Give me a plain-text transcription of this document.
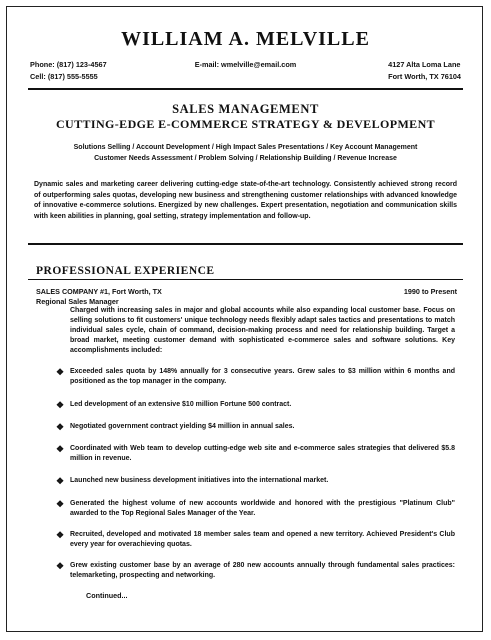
WILLIAM A. MELVILLE
Phone: (817) 123-4567
Cell: (817) 555-5555
E-mail: wmelville@email.com	4127 Alta Loma Lane
Fort Worth, TX 76104
SALES MANAGEMENT
CUTTING-EDGE E-COMMERCE STRATEGY & DEVELOPMENT
Solutions Selling / Account Development / High Impact Sales Presentations / Key Account Management
Customer Needs Assessment / Problem Solving / Relationship Building / Revenue Increase
Dynamic sales and marketing career delivering cutting-edge state-of-the-art technology. Consistently achieved strong record of outperforming sales quotas, developing new business and strengthening customer relationships with advanced knowledge of innovative e-commerce solutions. Energized by new challenges. Expert presentation, negotiation and communication skills with keen abilities in planning, goal setting, strategy implementation and follow-up.
PROFESSIONAL EXPERIENCE
SALES COMPANY #1, Fort Worth, TX	1990 to Present
Regional Sales Manager
Charged with increasing sales in major and global accounts while also expanding local customer base. Focus on selling solutions to fit customers' unique technology needs flexibly adapt sales tactics and presentations to match individual sales cycle, chain of command, decision-making process and need for relationship building. Target a broad market, meeting customer demand with sophisticated e-commerce sales and software solutions. Key accomplishments included:
❖ Exceeded sales quota by 148% annually for 3 consecutive years. Grew sales to $3 million within 6 months and positioned as the top manager in the company.
❖ Led development of an extensive $10 million Fortune 500 contract.
❖ Negotiated government contract yielding $4 million in annual sales.
❖ Coordinated with Web team to develop cutting-edge web site and e-commerce sales strategies that delivered $5.8 million in revenue.
❖ Launched new business development initiatives into the international market.
❖ Generated the highest volume of new accounts worldwide and honored with the prestigious "Platinum Club" awarded to the Top Regional Sales Manager of the Year.
❖ Recruited, developed and motivated 18 member sales team and opened a new territory. Achieved President's Club every year for overachieving quotas.
❖ Grew existing customer base by an average of 280 new accounts annually through fundamental sales practices: telemarketing, prospecting and networking.
Continued...
